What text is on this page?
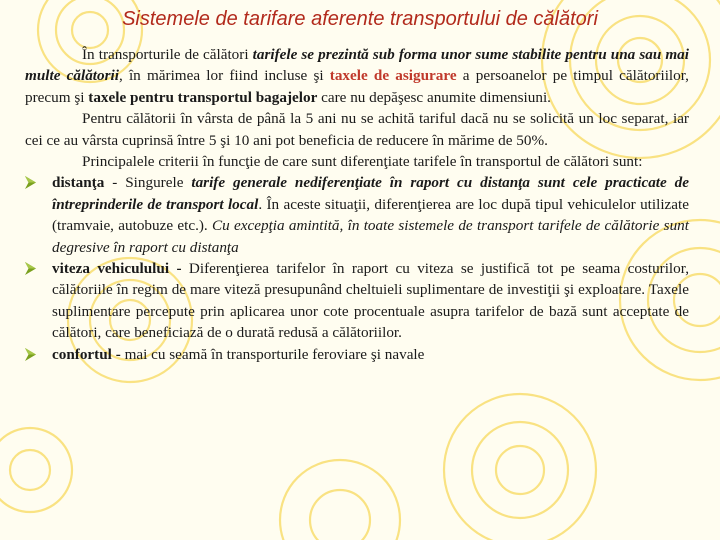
Sistemele de tarifare aferente transportului de călători

În transporturile de călători tarifele se prezintă sub forma unor sume stabilite pentru una sau mai multe călătorii, în mărimea lor fiind incluse şi taxele de asigurare a persoanelor pe timpul călătoriilor, precum şi taxele pentru transportul bagajelor care nu depăşesc anumite dimensiuni.

Pentru călătorii în vârsta de până la 5 ani nu se achită tariful dacă nu se solicită un loc separat, iar cei ce au vârsta cuprinsă între 5 şi 10 ani pot beneficia de reducere în mărime de 50%.

Principalele criterii în funcţie de care sunt diferenţiate tarifele în transportul de călători sunt:

distanţa - Singurele tarife generale nediferenţiate în raport cu distanţa sunt cele practicate de întreprinderile de transport local. În aceste situaţii, diferenţierea are loc după tipul vehiculelor utilizate (tramvaie, autobuze etc.). Cu excepţia amintită, în toate sistemele de transport tarifele de călătorie sunt degresive în raport cu distanţa
viteza vehiculului - Diferenţierea tarifelor în raport cu viteza se justifică tot pe seama costurilor, călătoriile în regim de mare viteză presupunând cheltuieli suplimentare de investiţii şi exploatare. Taxele suplimentare percepute prin aplicarea unor cote procentuale asupra tarifelor de bază sunt acceptate de călători, care beneficiază de o durată redusă a călătoriilor.
confortul - mai cu seamă în transporturile feroviare şi navale
